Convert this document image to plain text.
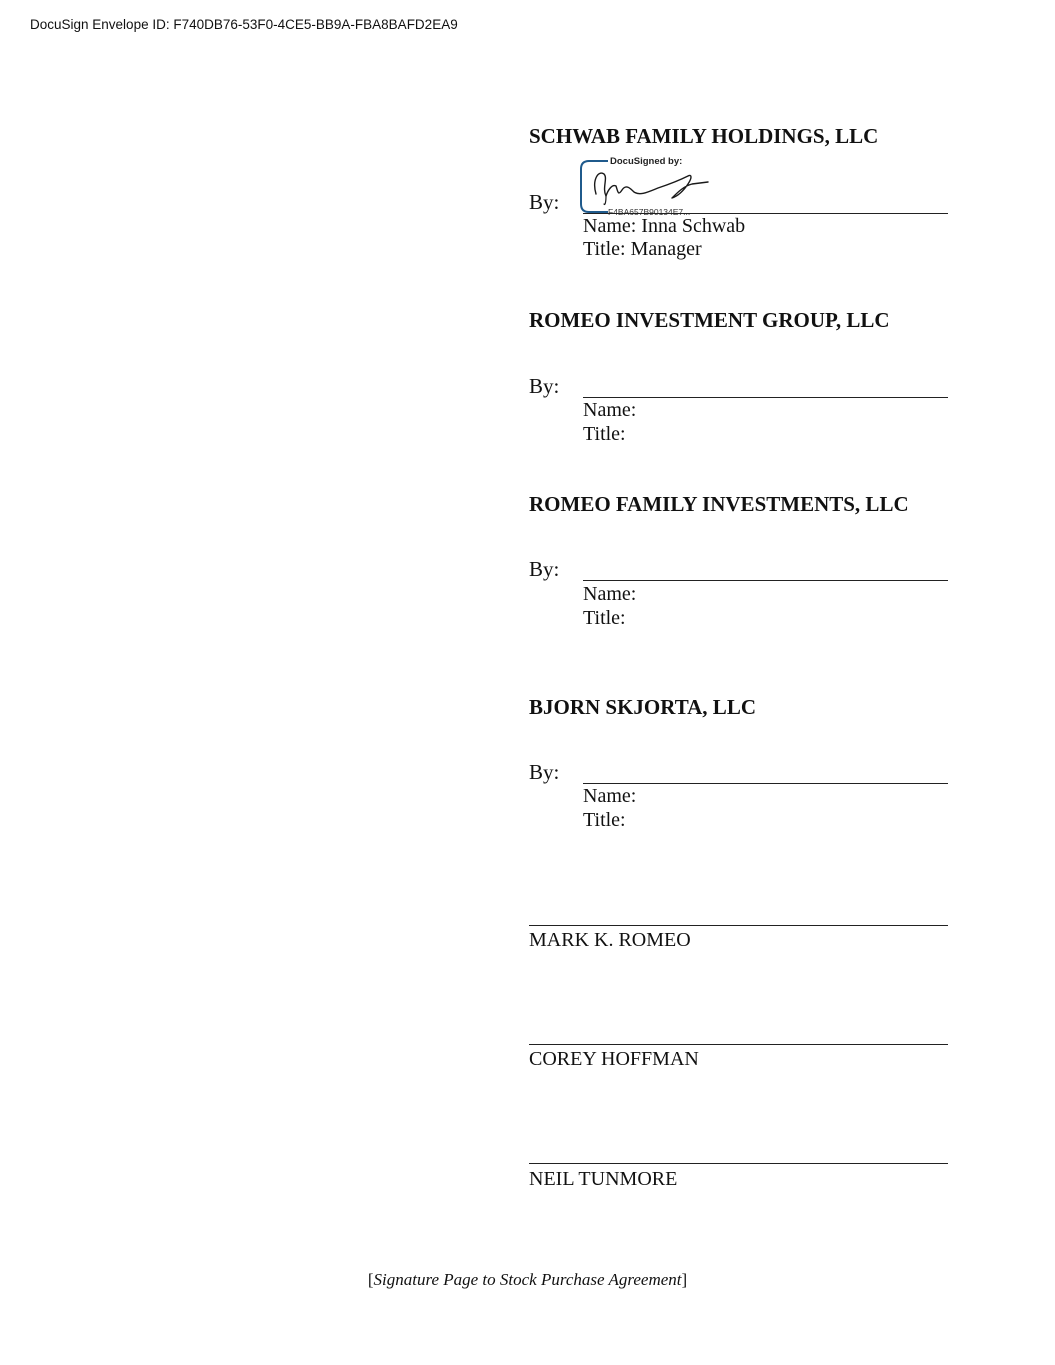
DocuSign Envelope ID: F740DB76-53F0-4CE5-BB9A-FBA8BAFD2EA9
SCHWAB FAMILY HOLDINGS, LLC
By:
DocuSigned by:
F4BA657B90134E7...
Name: Inna Schwab
Title: Manager
ROMEO INVESTMENT GROUP, LLC
By:
Name:
Title:
ROMEO FAMILY INVESTMENTS, LLC
By:
Name:
Title:
BJORN SKJORTA, LLC
By:
Name:
Title:
MARK K. ROMEO
COREY HOFFMAN
NEIL TUNMORE
[Signature Page to Stock Purchase Agreement]
